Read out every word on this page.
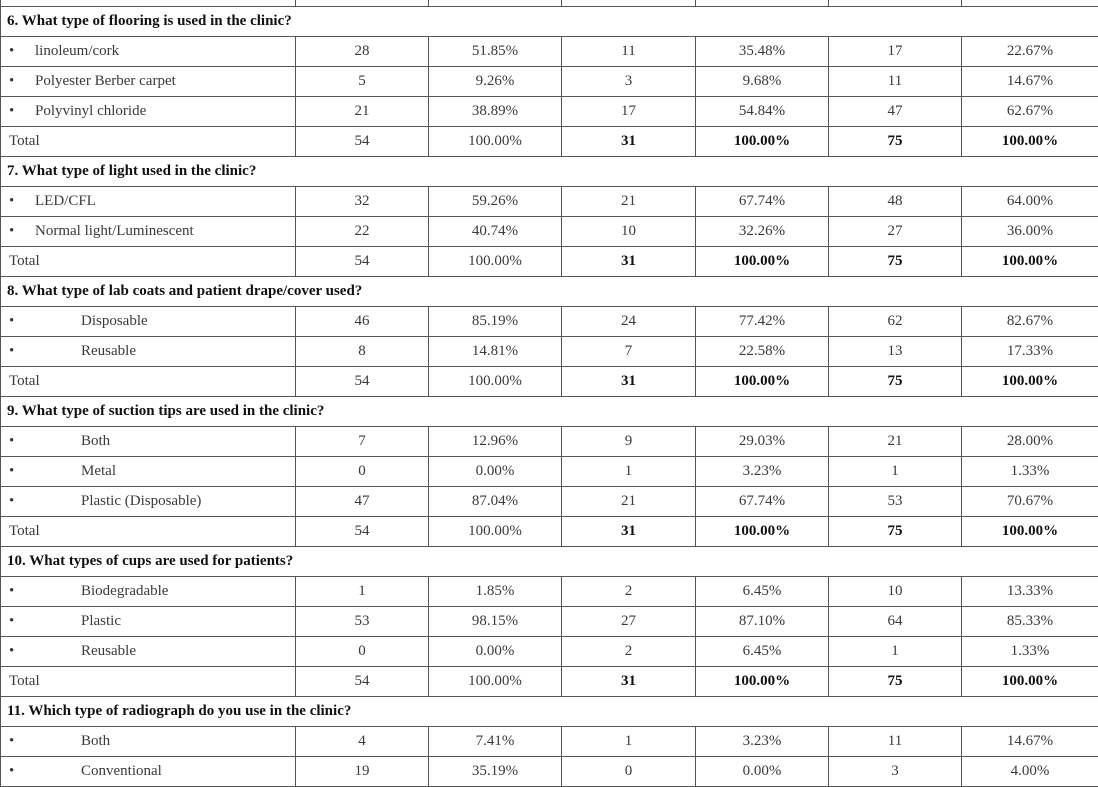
6. What type of flooring is used in the clinic?						
• linoleum/cork	28	51.85%	11	35.48%	17	22.67%
• Polyester Berber carpet	5	9.26%	3	9.68%	11	14.67%
• Polyvinyl chloride	21	38.89%	17	54.84%	47	62.67%
Total	54	100.00%	31	100.00%	75	100.00%
7. What type of light used in the clinic?						
• LED/CFL	32	59.26%	21	67.74%	48	64.00%
• Normal light/Luminescent	22	40.74%	10	32.26%	27	36.00%
Total	54	100.00%	31	100.00%	75	100.00%
8. What type of lab coats and patient drape/cover used?						
• Disposable	46	85.19%	24	77.42%	62	82.67%
• Reusable	8	14.81%	7	22.58%	13	17.33%
Total	54	100.00%	31	100.00%	75	100.00%
9. What type of suction tips are used in the clinic?						
• Both	7	12.96%	9	29.03%	21	28.00%
• Metal	0	0.00%	1	3.23%	1	1.33%
• Plastic (Disposable)	47	87.04%	21	67.74%	53	70.67%
Total	54	100.00%	31	100.00%	75	100.00%
10. What types of cups are used for patients?						
• Biodegradable	1	1.85%	2	6.45%	10	13.33%
• Plastic	53	98.15%	27	87.10%	64	85.33%
• Reusable	0	0.00%	2	6.45%	1	1.33%
Total	54	100.00%	31	100.00%	75	100.00%
11. Which type of radiograph do you use in the clinic?						
• Both	4	7.41%	1	3.23%	11	14.67%
• Conventional	19	35.19%	0	0.00%	3	4.00%
